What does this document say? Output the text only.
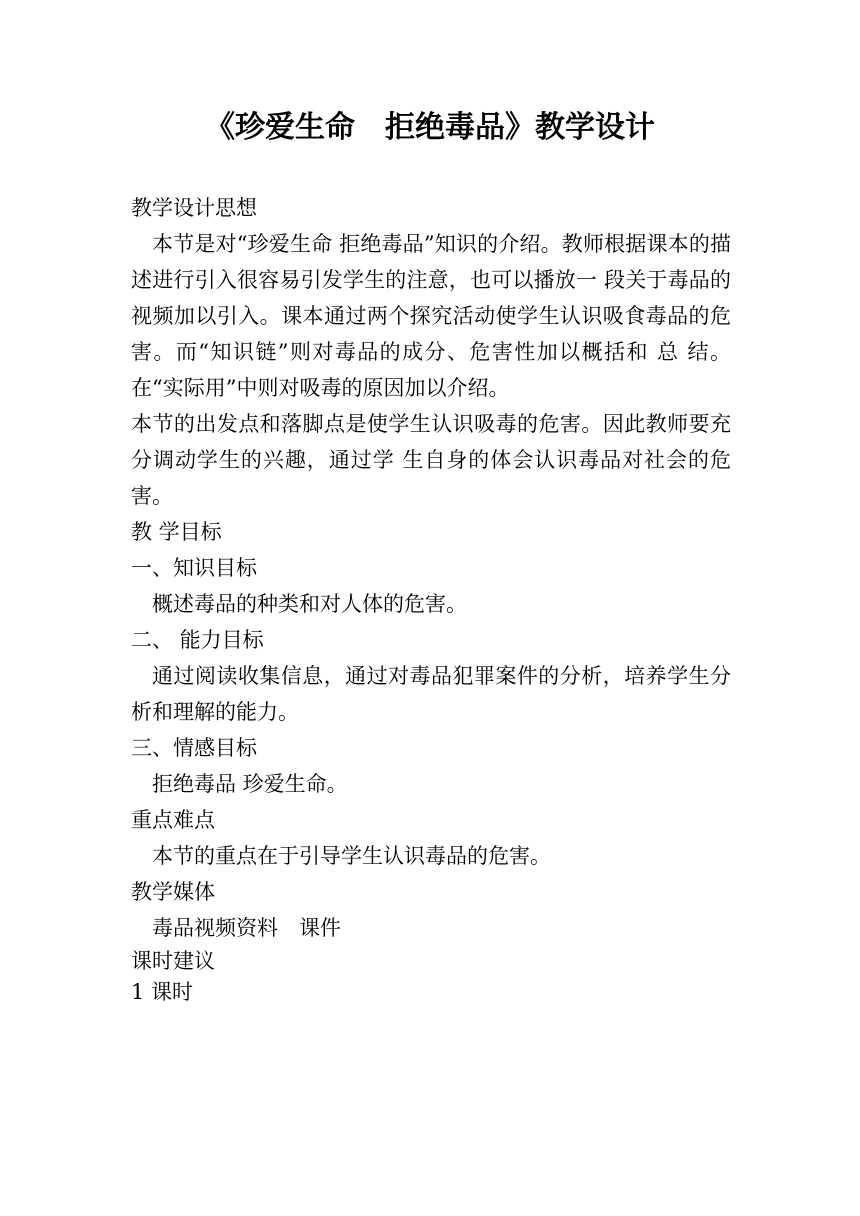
《珍爱生命　拒绝毒品》教学设计

教学设计思想

本节是对“珍爱生命 拒绝毒品”知识的介绍。教师根据课本的描述进行引入很容易引发学生的注意，也可以播放一 段关于毒品的视频加以引入。课本通过两个探究活动使学生认识吸食毒品的危害。而“知识链”则对毒品的成分、危害性加以概括和 总 结。在“实际用”中则对吸毒的原因加以介绍。

本节的出发点和落脚点是使学生认识吸毒的危害。因此教师要充分调动学生的兴趣，通过学 生自身的体会认识毒品对社会的危害。

教 学目标

一、知识目标

概述毒品的种类和对人体的危害。

二、 能力目标

通过阅读收集信息，通过对毒品犯罪案件的分析，培养学生分析和理解的能力。

三、情感目标

拒绝毒品 珍爱生命。

重点难点

本节的重点在于引导学生认识毒品的危害。

教学媒体

毒品视频资料　课件

课时建议

1 课时
